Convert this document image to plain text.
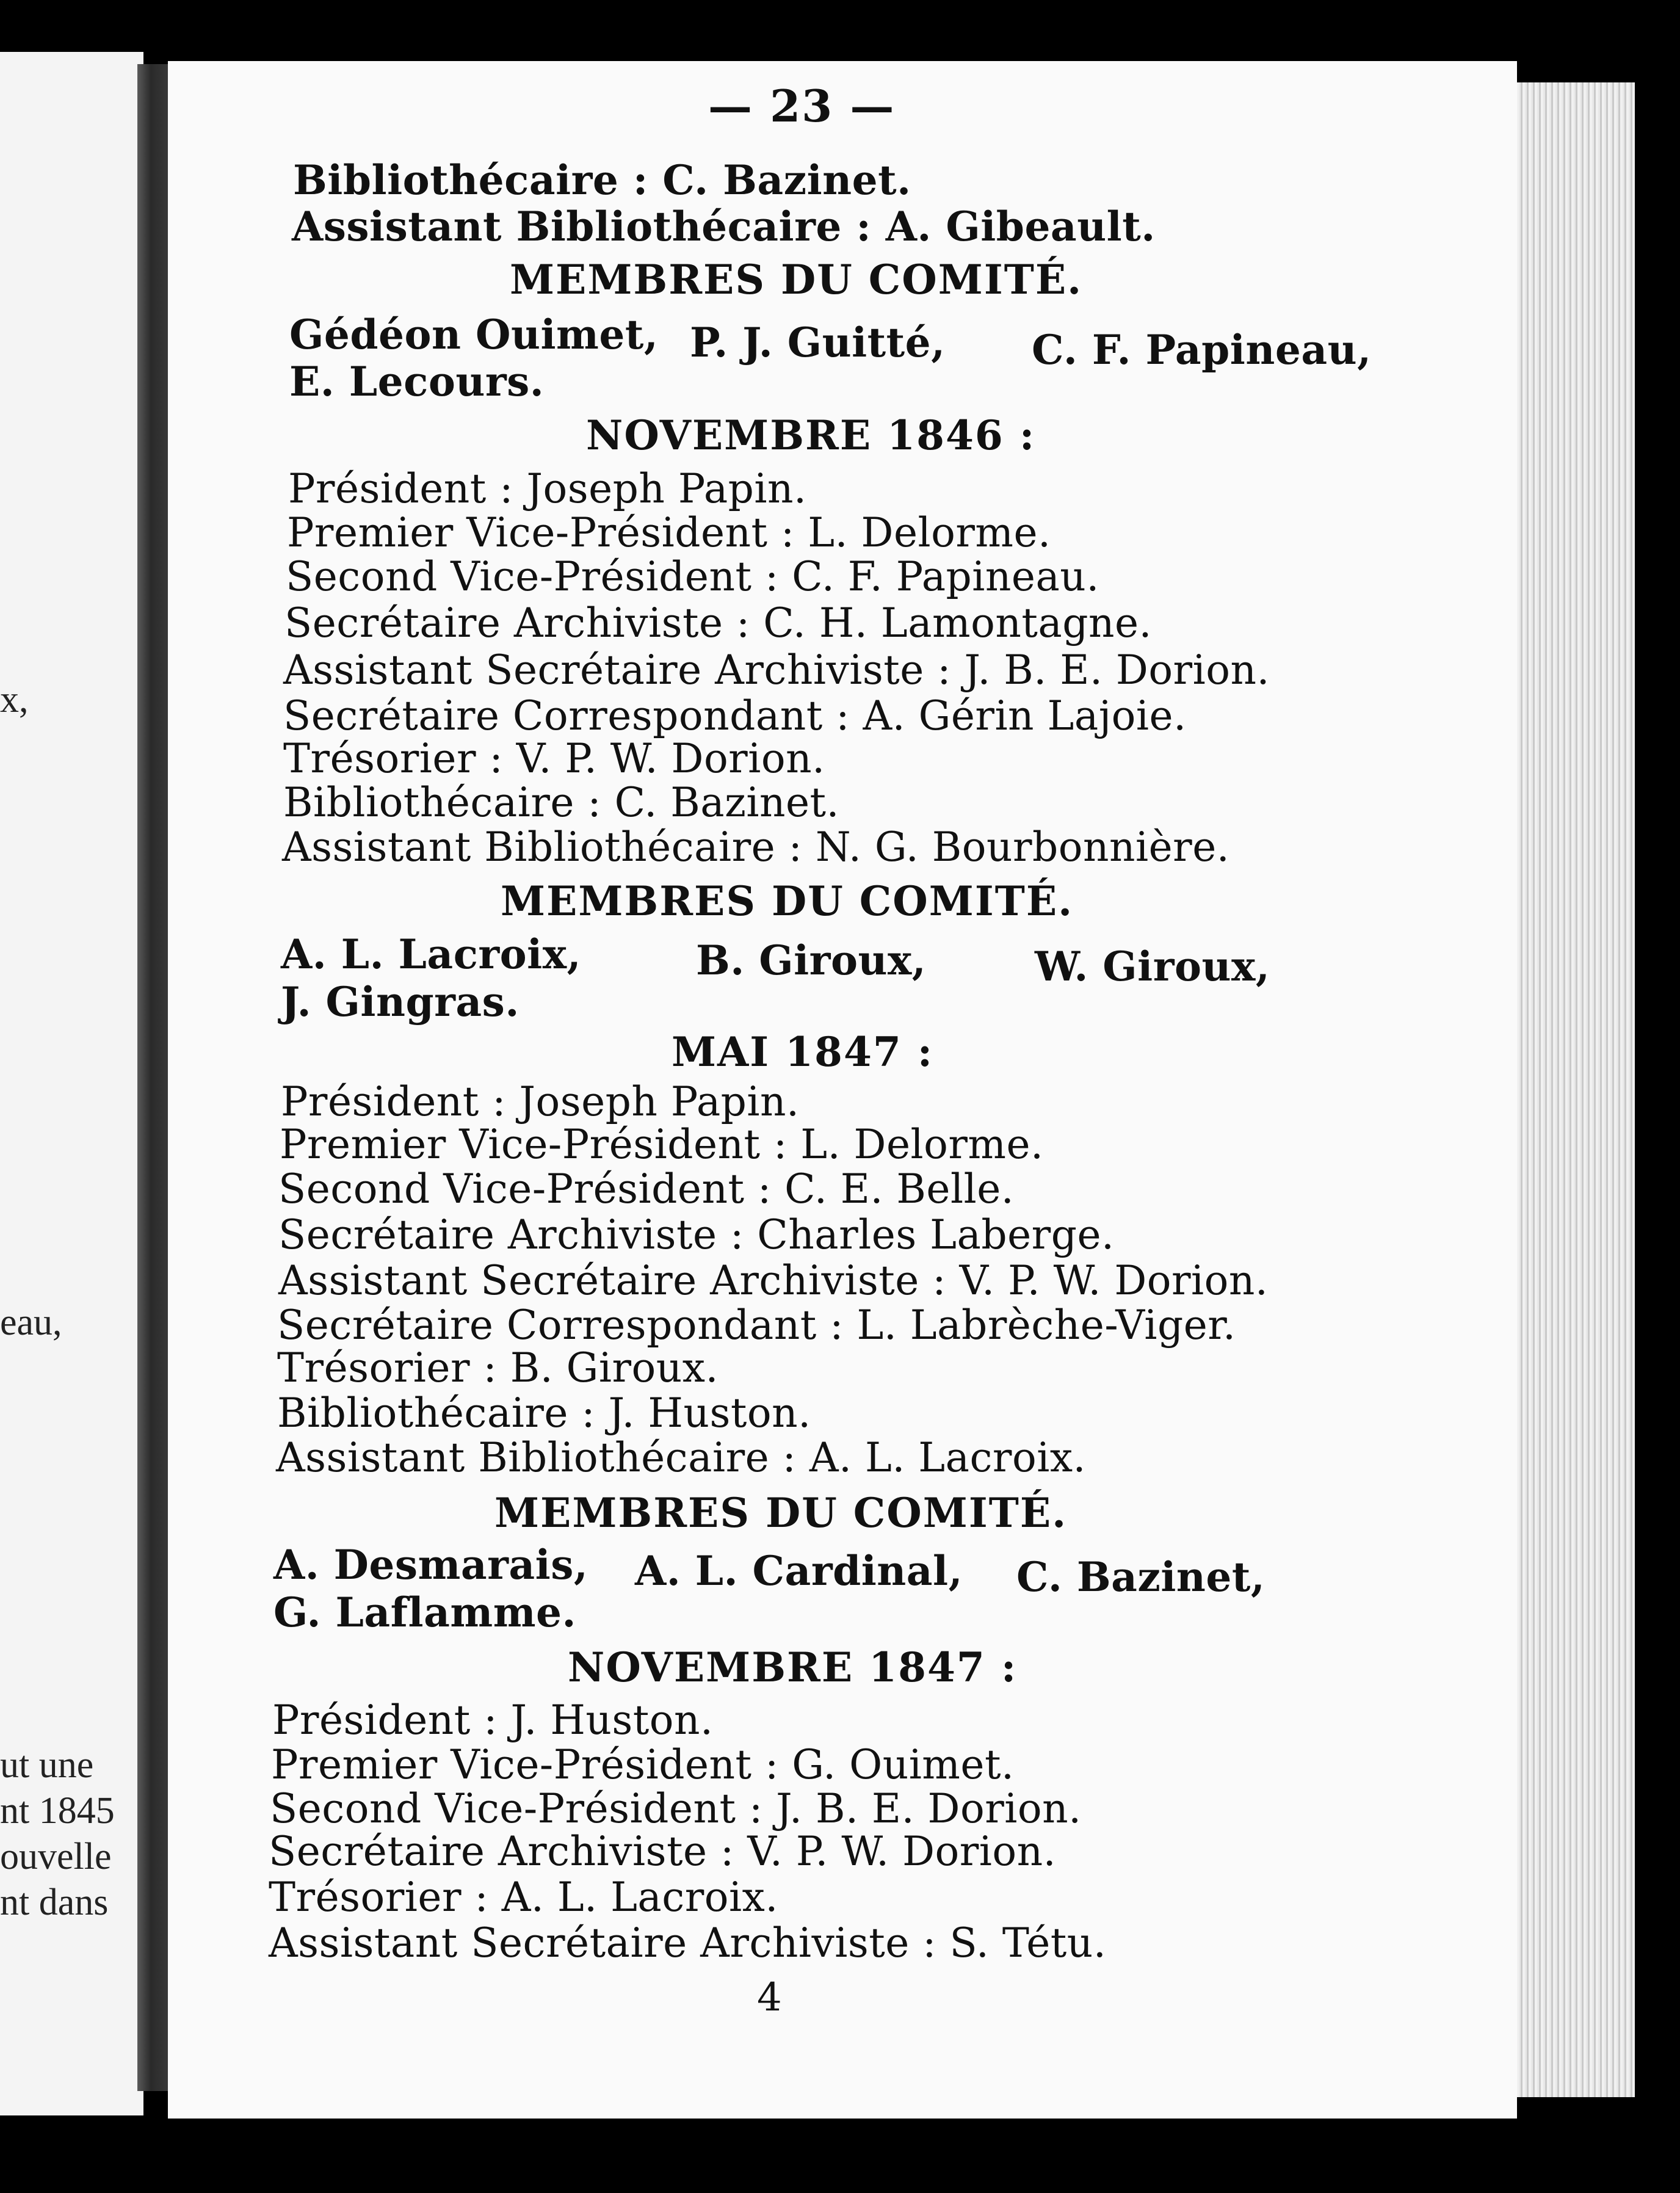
x,
eau,
ut une
nt 1845
ouvelle
nt dans
— 23 —
Bibliothécaire : C. Bazinet.
Assistant Bibliothécaire : A. Gibeault.
MEMBRES DU COMITÉ.
Gédéon Ouimet, P. J. Guitté, C. F. Papineau,
E. Lecours.
NOVEMBRE 1846 :
Président : Joseph Papin.
Premier Vice-Président : L. Delorme.
Second Vice-Président : C. F. Papineau.
Secrétaire Archiviste : C. H. Lamontagne.
Assistant Secrétaire Archiviste : J. B. E. Dorion.
Secrétaire Correspondant : A. Gérin Lajoie.
Trésorier : V. P. W. Dorion.
Bibliothécaire : C. Bazinet.
Assistant Bibliothécaire : N. G. Bourbonnière.
MEMBRES DU COMITÉ.
A. L. Lacroix,	B. Giroux,	W. Giroux,
J. Gingras.
MAI 1847 :
Président : Joseph Papin.
Premier Vice-Président : L. Delorme.
Second Vice-Président : C. E. Belle.
Secrétaire Archiviste : Charles Laberge.
Assistant Secrétaire Archiviste : V. P. W. Dorion.
Secrétaire Correspondant : L. Labrèche-Viger.
Trésorier : B. Giroux.
Bibliothécaire : J. Huston.
Assistant Bibliothécaire : A. L. Lacroix.
MEMBRES DU COMITÉ.
A. Desmarais, A. L. Cardinal, C. Bazinet,
G. Laflamme.
NOVEMBRE 1847 :
Président : J. Huston.
Premier Vice-Président : G. Ouimet.
Second Vice-Président : J. B. E. Dorion.
Secrétaire Archiviste : V. P. W. Dorion.
Trésorier : A. L. Lacroix.
Assistant Secrétaire Archiviste : S. Tétu.
4
